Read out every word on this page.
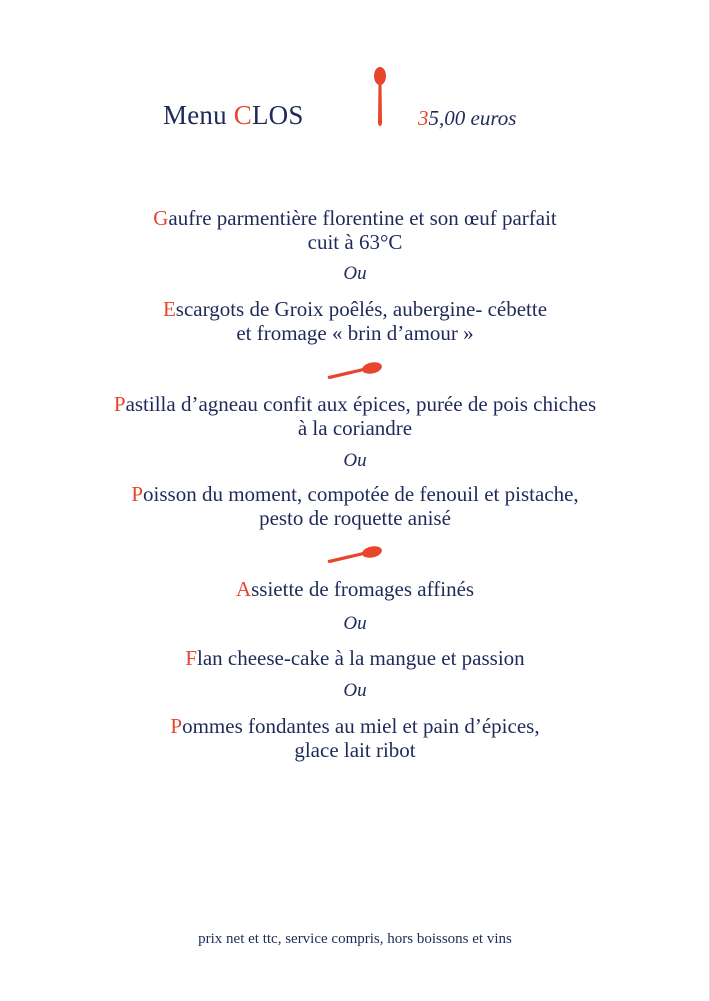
Menu CLOS	35,00 euros
Gaufre parmentière florentine et son œuf parfait
cuit à 63°C
Ou
Escargots de Groix poêlés, aubergine- cébette
et fromage « brin d’amour »
Pastilla d’agneau confit aux épices, purée de pois chiches
à la coriandre
Ou
Poisson du moment, compotée de fenouil et pistache,
pesto de roquette anisé
Assiette de fromages affinés
Ou
Flan cheese-cake à la mangue et passion
Ou
Pommes fondantes au miel et pain d’épices,
glace lait ribot
prix net et ttc, service compris, hors boissons et vins
